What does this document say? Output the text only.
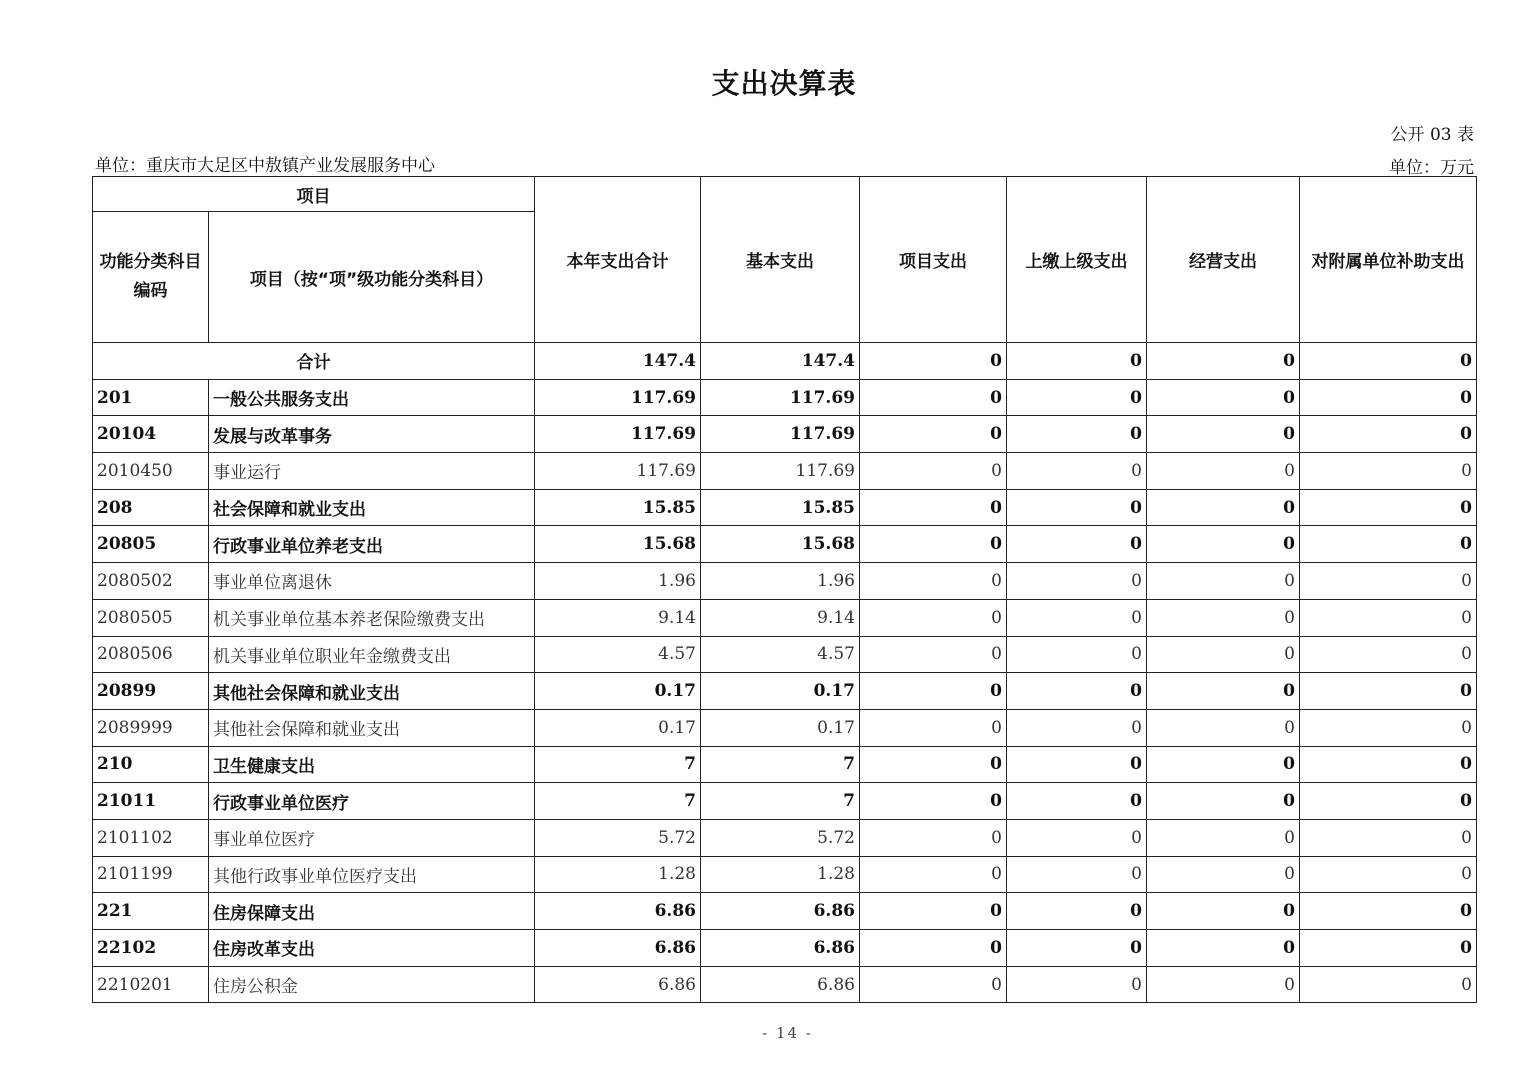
支出决算表
公开 03 表
单位：重庆市大足区中敖镇产业发展服务中心	单位：万元
项目		本年支出合计	基本支出	项目支出	上缴上级支出	经营支出	对附属单位补助支出
功能分类科目编码	项目（按“项”级功能分类科目）						
合计		147.4	147.4	0	0	0	0
201	一般公共服务支出	117.69	117.69	0	0	0	0
20104	发展与改革事务	117.69	117.69	0	0	0	0
2010450	事业运行	117.69	117.69	0	0	0	0
208	社会保障和就业支出	15.85	15.85	0	0	0	0
20805	行政事业单位养老支出	15.68	15.68	0	0	0	0
2080502	事业单位离退休	1.96	1.96	0	0	0	0
2080505	机关事业单位基本养老保险缴费支出	9.14	9.14	0	0	0	0
2080506	机关事业单位职业年金缴费支出	4.57	4.57	0	0	0	0
20899	其他社会保障和就业支出	0.17	0.17	0	0	0	0
2089999	其他社会保障和就业支出	0.17	0.17	0	0	0	0
210	卫生健康支出	7	7	0	0	0	0
21011	行政事业单位医疗	7	7	0	0	0	0
2101102	事业单位医疗	5.72	5.72	0	0	0	0
2101199	其他行政事业单位医疗支出	1.28	1.28	0	0	0	0
221	住房保障支出	6.86	6.86	0	0	0	0
22102	住房改革支出	6.86	6.86	0	0	0	0
2210201	住房公积金	6.86	6.86	0	0	0	0
- 14 -
